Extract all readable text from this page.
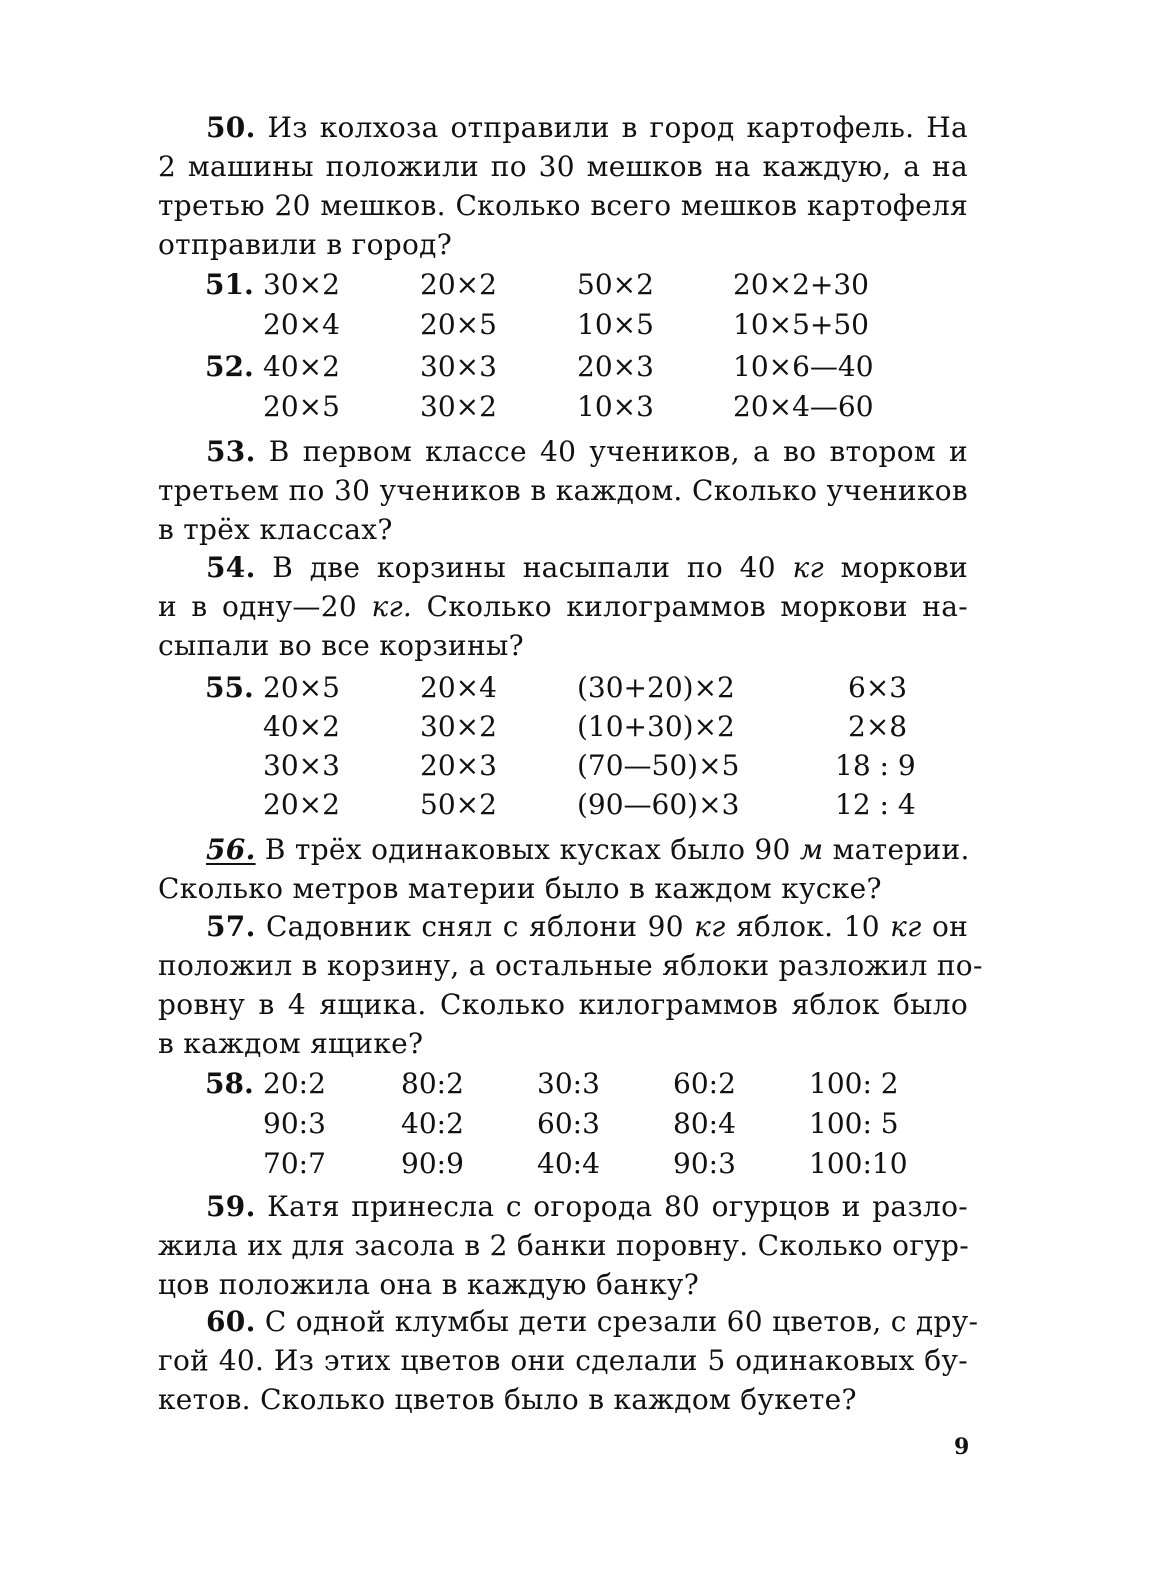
50. Из колхоза отправили в город картофель. На
2 машины положили по 30 мешков на каждую, а на
третью 20 мешков. Сколько всего мешков картофеля
отправили в город?
51. 30×2	20×2	50×2	20×2+30
20×4	20×5	10×5	10×5+50
52. 40×2	30×3	20×3	10×6—40
20×5	30×2	10×3	20×4—60
53. В первом классе 40 учеников, а во втором и
третьем по 30 учеников в каждом. Сколько учеников
в трёх классах?
54. В две корзины насыпали по 40 кг моркови
и в одну—20 кг. Сколько килограммов моркови на-
сыпали во все корзины?
55. 20×5	20×4	(30+20)×2	6×3
40×2	30×2	(10+30)×2	2×8
30×3	20×3	(70—50)×5	18 : 9
20×2	50×2	(90—60)×3	12 : 4
56. В трёх одинаковых кусках было 90 м материи.
Сколько метров материи было в каждом куске?
57. Садовник снял с яблони 90 кг яблок. 10 кг он
положил в корзину, а остальные яблоки разложил по-
ровну в 4 ящика. Сколько килограммов яблок было
в каждом ящике?
58. 20:2	80:2	30:3	60:2	100: 2
90:3	40:2	60:3	80:4	100: 5
70:7	90:9	40:4	90:3	100:10
59. Катя принесла с огорода 80 огурцов и разло-
жила их для засола в 2 банки поровну. Сколько огур-
цов положила она в каждую банку?
60. С одной клумбы дети срезали 60 цветов, с дру-
гой 40. Из этих цветов они сделали 5 одинаковых бу-
кетов. Сколько цветов было в каждом букете?
9
